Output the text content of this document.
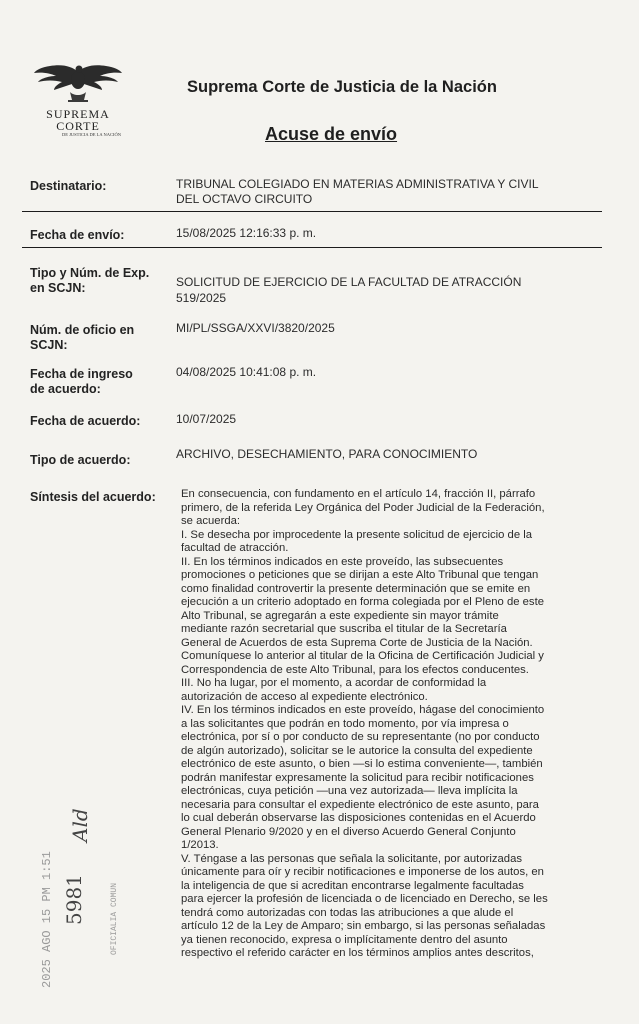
SUPREMA
CORTE
DE JUSTICIA DE LA NACIÓN
Suprema Corte de Justicia de la Nación
Acuse de envío
Destinatario:	TRIBUNAL COLEGIADO EN MATERIAS ADMINISTRATIVA Y CIVIL
DEL OCTAVO CIRCUITO
Fecha de envío:	15/08/2025 12:16:33 p. m.
Tipo y Núm. de Exp.
en SCJN:	SOLICITUD DE EJERCICIO DE LA FACULTAD DE ATRACCIÓN
519/2025
Núm. de oficio en
SCJN:
MI/PL/SSGA/XXVI/3820/2025
Fecha de ingreso
de acuerdo:
04/08/2025 10:41:08 p. m.
Fecha de acuerdo:	10/07/2025
Tipo de acuerdo:	ARCHIVO, DESECHAMIENTO, PARA CONOCIMIENTO
Síntesis del acuerdo: En consecuencia, con fundamento en el artículo 14, fracción II, párrafo

primero, de la referida Ley Orgánica del Poder Judicial de la Federación,

se acuerda:

I. Se desecha por improcedente la presente solicitud de ejercicio de la

facultad de atracción.

II. En los términos indicados en este proveído, las subsecuentes

promociones o peticiones que se dirijan a este Alto Tribunal que tengan

como finalidad controvertir la presente determinación que se emite en

ejecución a un criterio adoptado en forma colegiada por el Pleno de este

Alto Tribunal, se agregarán a este expediente sin mayor trámite

mediante razón secretarial que suscriba el titular de la Secretaría

General de Acuerdos de esta Suprema Corte de Justicia de la Nación.

Comuníquese lo anterior al titular de la Oficina de Certificación Judicial y

Correspondencia de este Alto Tribunal, para los efectos conducentes.

III. No ha lugar, por el momento, a acordar de conformidad la

autorización de acceso al expediente electrónico.

IV. En los términos indicados en este proveído, hágase del conocimiento

a las solicitantes que podrán en todo momento, por vía impresa o

electrónica, por sí o por conducto de su representante (no por conducto

de algún autorizado), solicitar se le autorice la consulta del expediente

electrónico de este asunto, o bien —si lo estima conveniente—, también

podrán manifestar expresamente la solicitud para recibir notificaciones

electrónicas, cuya petición —una vez autorizada— lleva implícita la

necesaria para consultar el expediente electrónico de este asunto, para

lo cual deberán observarse las disposiciones contenidas en el Acuerdo

General Plenario 9/2020 y en el diverso Acuerdo General Conjunto

1/2013.

V. Téngase a las personas que señala la solicitante, por autorizadas

únicamente para oír y recibir notificaciones e imponerse de los autos, en

la inteligencia de que si acreditan encontrarse legalmente facultadas

para ejercer la profesión de licenciada o de licenciado en Derecho, se les

tendrá como autorizadas con todas las atribuciones a que alude el

artículo 12 de la Ley de Amparo; sin embargo, si las personas señaladas

ya tienen reconocido, expresa o implícitamente dentro del asunto

respectivo el referido carácter en los términos amplios antes descritos,

2025 AGO 15 PM 1:51	OFICIALIA COMUN
5981
Ald
